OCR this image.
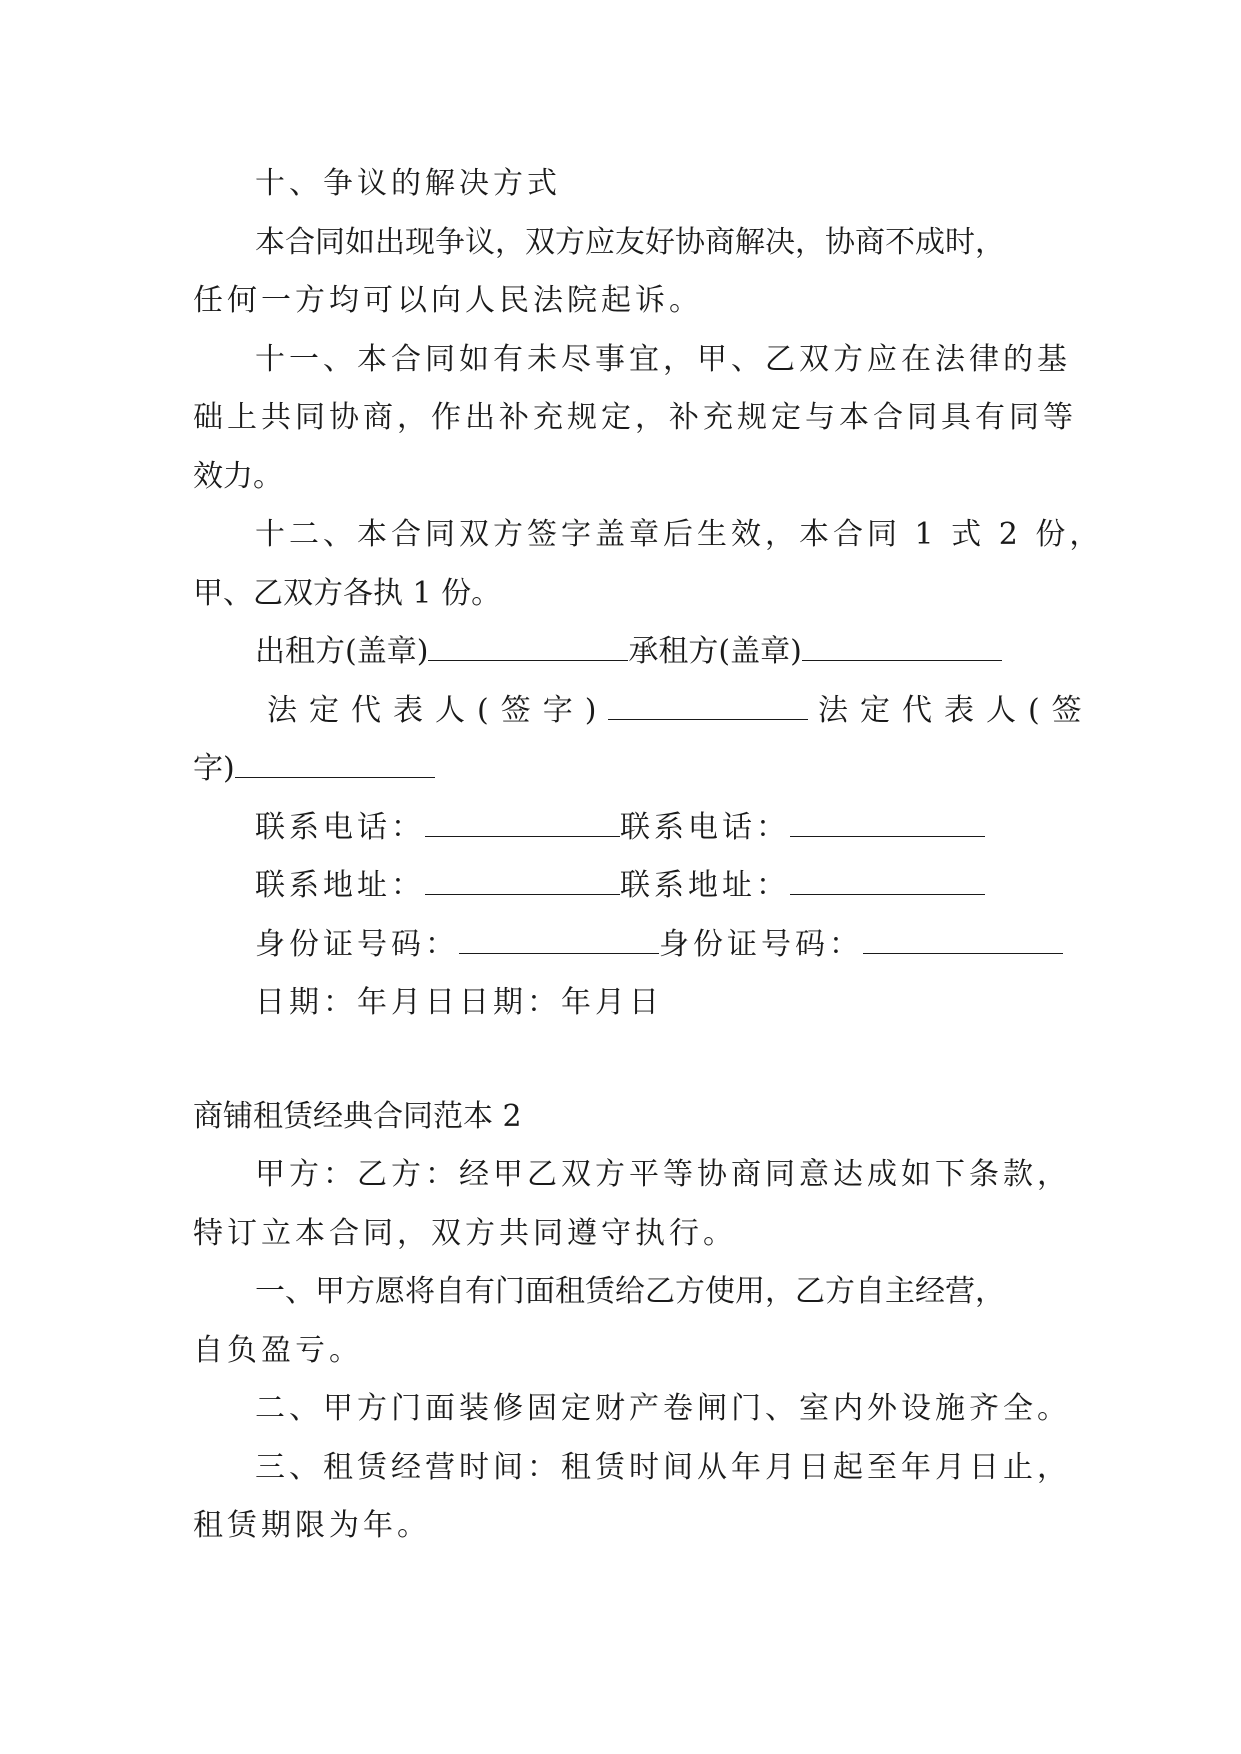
十、争议的解决方式
本合同如出现争议，双方应友好协商解决，协商不成时，
任何一方均可以向人民法院起诉。
十一、本合同如有未尽事宜，甲、乙双方应在法律的基
础上共同协商，作出补充规定，补充规定与本合同具有同等
效力。
十二、本合同双方签字盖章后生效，本合同 1 式 2 份，
甲、乙双方各执 1 份。
出租方(盖章)	承租方(盖章)
法定代表人(签字)	法定代表人(签
字)
联系电话：	联系电话：
联系地址：	联系地址：
身份证号码：	身份证号码：
日期：年月日日期：年月日
商铺租赁经典合同范本 2
甲方：乙方：经甲乙双方平等协商同意达成如下条款，
特订立本合同，双方共同遵守执行。
一、甲方愿将自有门面租赁给乙方使用，乙方自主经营，
自负盈亏。
二、甲方门面装修固定财产卷闸门、室内外设施齐全。
三、租赁经营时间：租赁时间从年月日起至年月日止，
租赁期限为年。
